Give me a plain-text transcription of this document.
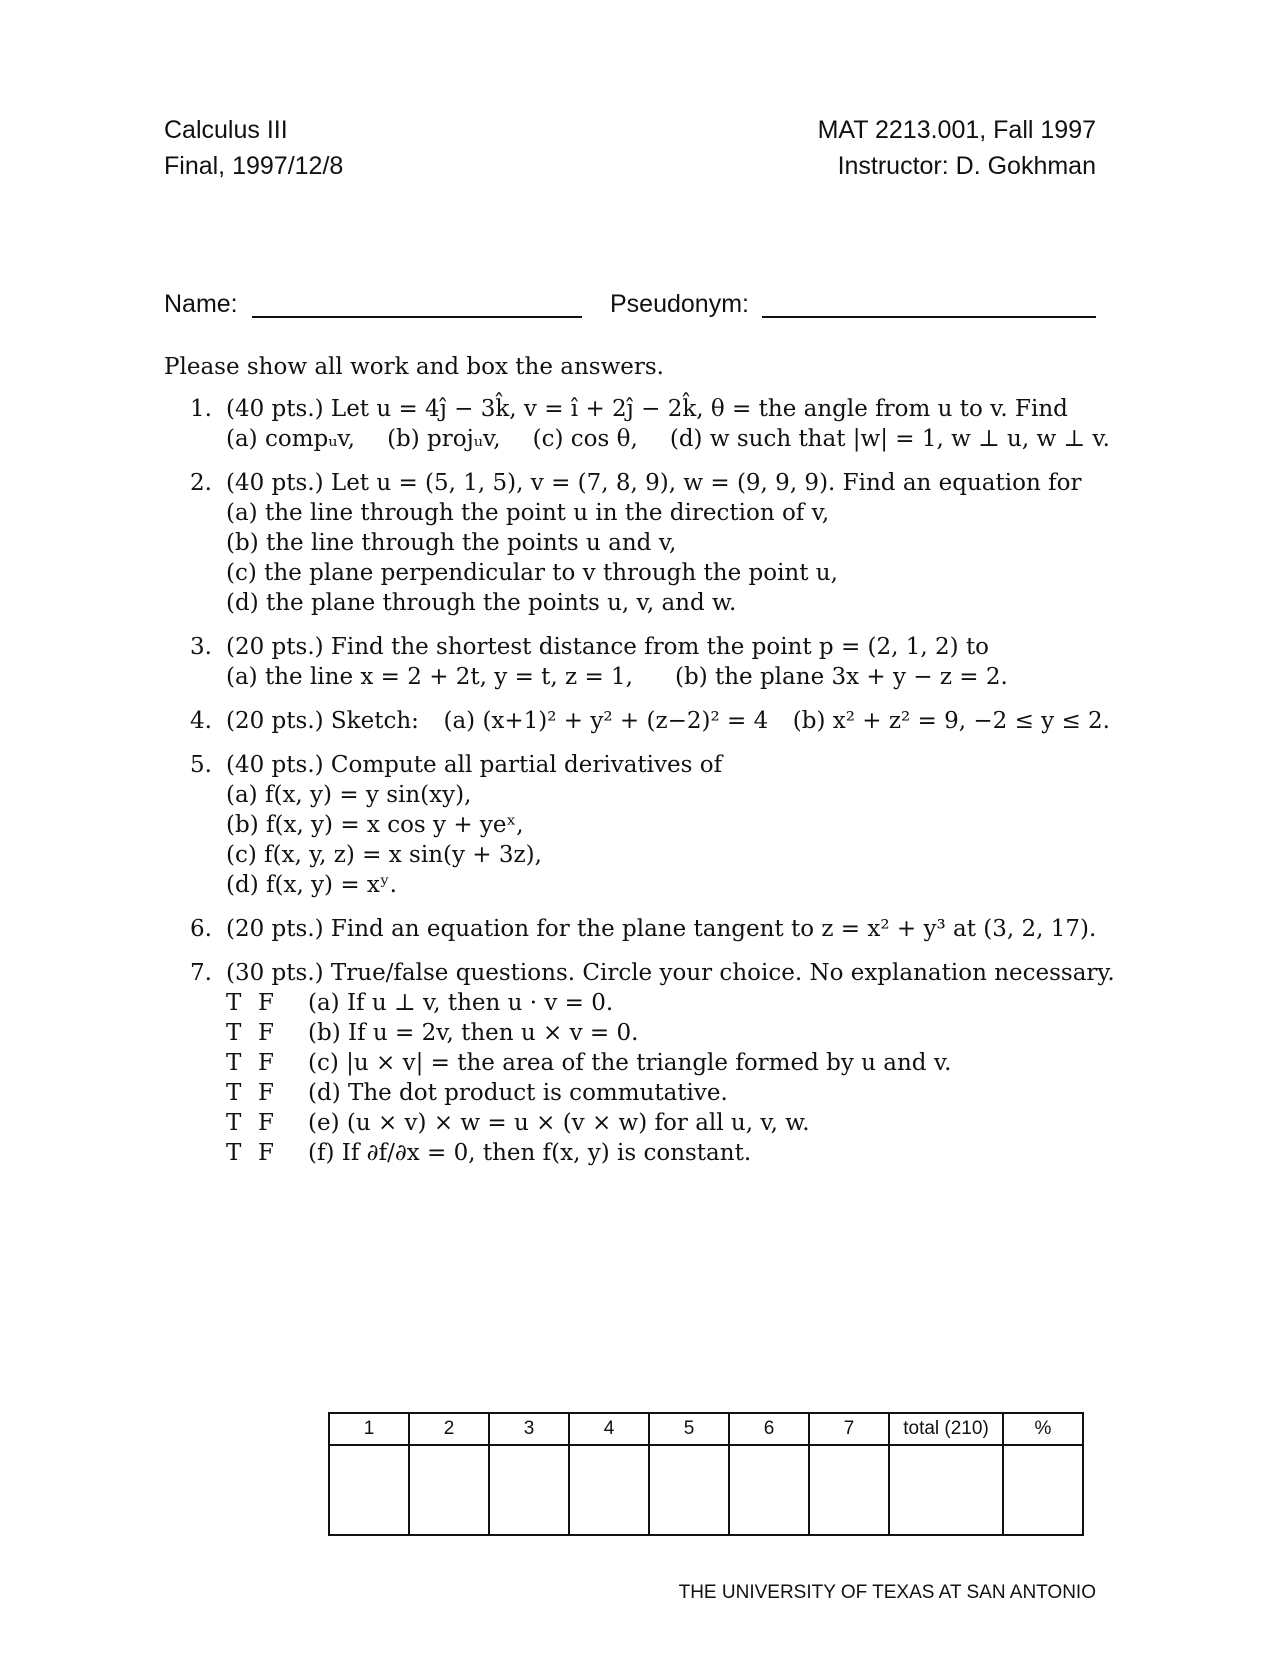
Calculus III
Final, 1997/12/8
MAT 2213.001, Fall 1997
Instructor: D. Gokhman
Name:	Pseudonym:
Please show all work and box the answers.
1. (40 pts.) Let u = 4ĵ − 3k̂, v = î + 2ĵ − 2k̂, θ = the angle from u to v. Find
(a) compᵤv, (b) projᵤv, (c) cos θ, (d) w such that |w| = 1, w ⊥ u, w ⊥ v.
2. (40 pts.) Let u = (5, 1, 5), v = (7, 8, 9), w = (9, 9, 9). Find an equation for
(a) the line through the point u in the direction of v,
(b) the line through the points u and v,
(c) the plane perpendicular to v through the point u,
(d) the plane through the points u, v, and w.
3. (20 pts.) Find the shortest distance from the point p = (2, 1, 2) to
(a) the line x = 2 + 2t, y = t, z = 1, (b) the plane 3x + y − z = 2.
4. (20 pts.) Sketch: (a) (x+1)² + y² + (z−2)² = 4 (b) x² + z² = 9, −2 ≤ y ≤ 2.
5. (40 pts.) Compute all partial derivatives of
(a) f(x, y) = y sin(xy),
(b) f(x, y) = x cos y + yeˣ,
(c) f(x, y, z) = x sin(y + 3z),
(d) f(x, y) = xʸ.
6. (20 pts.) Find an equation for the plane tangent to z = x² + y³ at (3, 2, 17).
7. (30 pts.) True/false questions. Circle your choice. No explanation necessary.
T F	(a) If u ⊥ v, then u · v = 0.
T F	(b) If u = 2v, then u × v = 0.
T F	(c) |u × v| = the area of the triangle formed by u and v.
T F	(d) The dot product is commutative.
T F	(e) (u × v) × w = u × (v × w) for all u, v, w.
T F	(f) If ∂f/∂x = 0, then f(x, y) is constant.
1	2	3	4	5	6	7	total (210)	%

THE UNIVERSITY OF TEXAS AT SAN ANTONIO
